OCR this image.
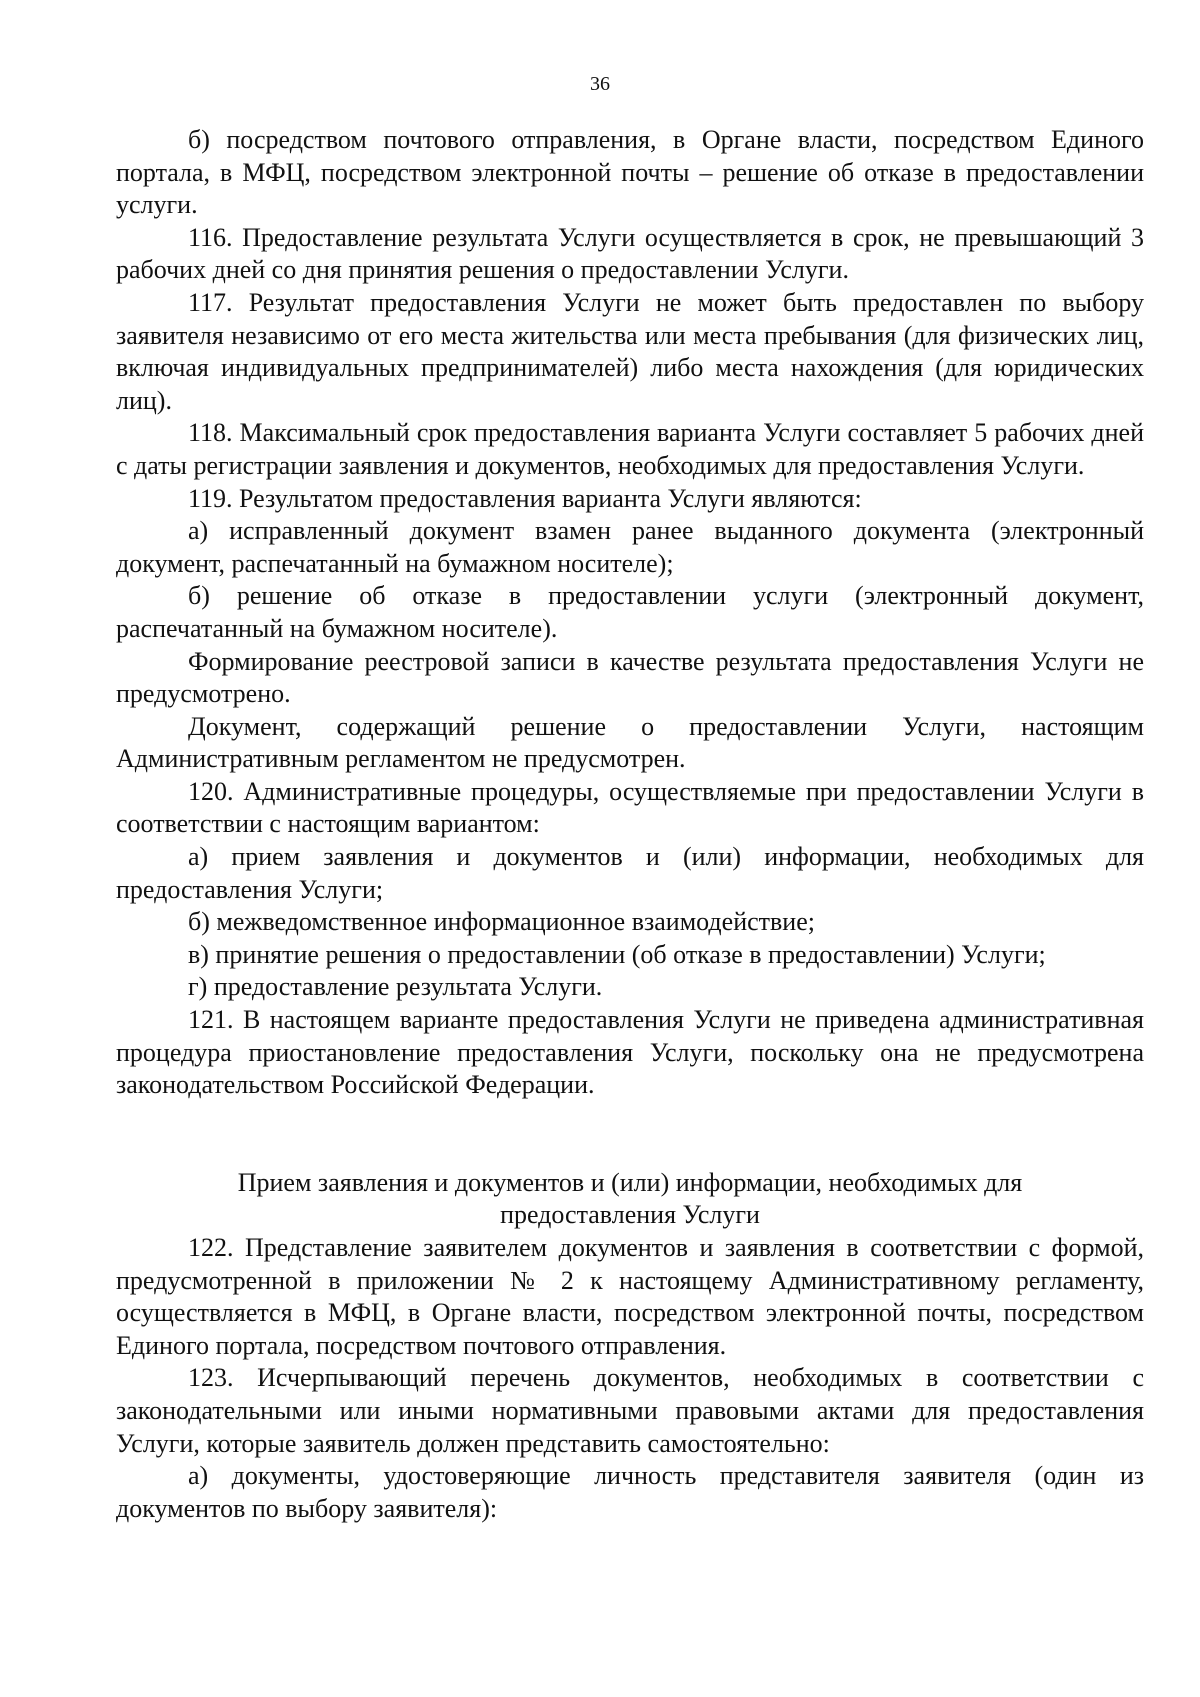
36

б) посредством почтового отправления, в Органе власти, посредством Единого портала, в МФЦ, посредством электронной почты – решение об отказе в предоставлении услуги.

116. Предоставление результата Услуги осуществляется в срок, не превышающий 3 рабочих дней со дня принятия решения о предоставлении Услуги.

117. Результат предоставления Услуги не может быть предоставлен по выбору заявителя независимо от его места жительства или места пребывания (для физических лиц, включая индивидуальных предпринимателей) либо места нахождения (для юридических лиц).

118. Максимальный срок предоставления варианта Услуги составляет 5 рабочих дней с даты регистрации заявления и документов, необходимых для предоставления Услуги.

119. Результатом предоставления варианта Услуги являются:

а) исправленный документ взамен ранее выданного документа (электронный документ, распечатанный на бумажном носителе);

б) решение об отказе в предоставлении услуги (электронный документ, распечатанный на бумажном носителе).

Формирование реестровой записи в качестве результата предоставления Услуги не предусмотрено.

Документ, содержащий решение о предоставлении Услуги, настоящим Административным регламентом не предусмотрен.

120. Административные процедуры, осуществляемые при предоставлении Услуги в соответствии с настоящим вариантом:

а) прием заявления и документов и (или) информации, необходимых для предоставления Услуги;

б) межведомственное информационное взаимодействие;

в) принятие решения о предоставлении (об отказе в предоставлении) Услуги;

г) предоставление результата Услуги.

121. В настоящем варианте предоставления Услуги не приведена административная процедура приостановление предоставления Услуги, поскольку она не предусмотрена законодательством Российской Федерации.

Прием заявления и документов и (или) информации, необходимых для предоставления Услуги

122. Представление заявителем документов и заявления в соответствии с формой, предусмотренной в приложении № 2 к настоящему Административному регламенту, осуществляется в МФЦ, в Органе власти, посредством электронной почты, посредством Единого портала, посредством почтового отправления.

123. Исчерпывающий перечень документов, необходимых в соответствии с законодательными или иными нормативными правовыми актами для предоставления Услуги, которые заявитель должен представить самостоятельно:

а) документы, удостоверяющие личность представителя заявителя (один из документов по выбору заявителя):
